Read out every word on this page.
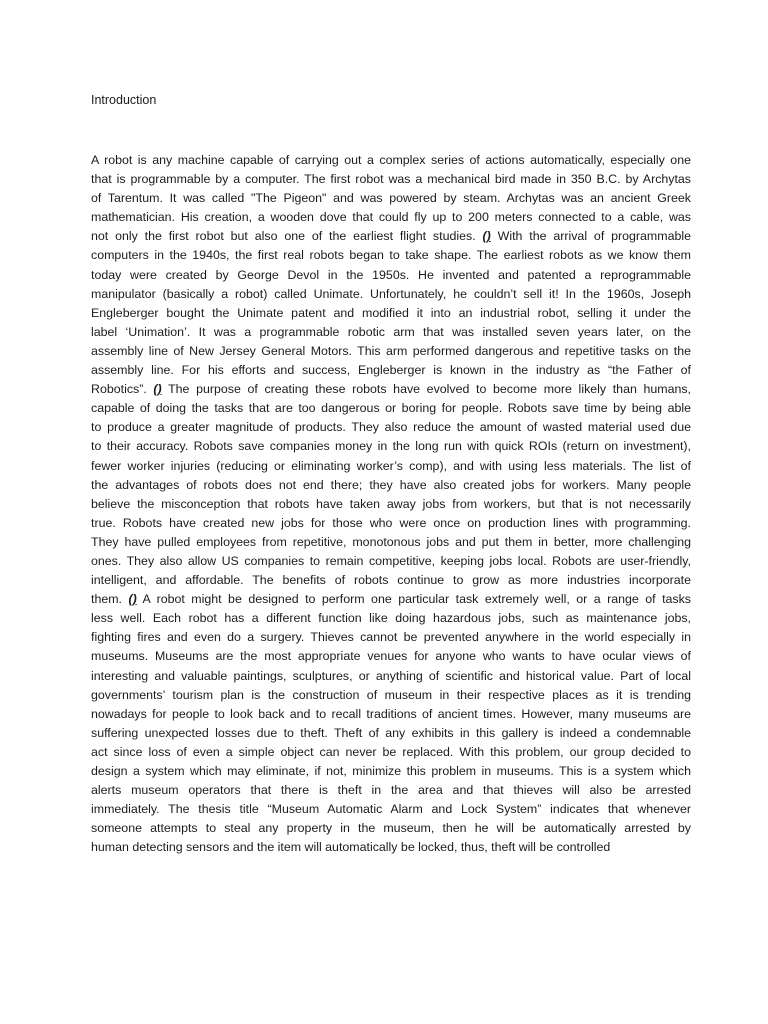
Introduction
A robot is any machine capable of carrying out a complex series of actions automatically, especially one
that is programmable by a computer. The first robot was a mechanical bird made in 350 B.C. by Archytas
of Tarentum. It was called "The Pigeon" and was powered by steam. Archytas was an ancient Greek
mathematician. His creation, a wooden dove that could fly up to 200 meters connected to a cable, was
not only the first robot but also one of the earliest flight studies. () With the arrival of programmable
computers in the 1940s, the first real robots began to take shape. The earliest robots as we know them
today were created by George Devol in the 1950s. He invented and patented a reprogrammable
manipulator (basically a robot) called Unimate. Unfortunately, he couldn’t sell it! In the 1960s, Joseph
Engleberger bought the Unimate patent and modified it into an industrial robot, selling it under the
label ‘Unimation’. It was a programmable robotic arm that was installed seven years later, on the
assembly line of New Jersey General Motors. This arm performed dangerous and repetitive tasks on the
assembly line. For his efforts and success, Engleberger is known in the industry as “the Father of
Robotics”. () The purpose of creating these robots have evolved to become more likely than humans,
capable of doing the tasks that are too dangerous or boring for people. Robots save time by being able
to produce a greater magnitude of products. They also reduce the amount of wasted material used due
to their accuracy. Robots save companies money in the long run with quick ROIs (return on investment),
fewer worker injuries (reducing or eliminating worker’s comp), and with using less materials. The list of
the advantages of robots does not end there; they have also created jobs for workers. Many people
believe the misconception that robots have taken away jobs from workers, but that is not necessarily
true. Robots have created new jobs for those who were once on production lines with programming.
They have pulled employees from repetitive, monotonous jobs and put them in better, more challenging
ones. They also allow US companies to remain competitive, keeping jobs local. Robots are user-friendly,
intelligent, and affordable. The benefits of robots continue to grow as more industries incorporate
them. () A robot might be designed to perform one particular task extremely well, or a range of tasks
less well. Each robot has a different function like doing hazardous jobs, such as maintenance jobs,
fighting fires and even do a surgery. Thieves cannot be prevented anywhere in the world especially in
museums. Museums are the most appropriate venues for anyone who wants to have ocular views of
interesting and valuable paintings, sculptures, or anything of scientific and historical value. Part of local
governments’ tourism plan is the construction of museum in their respective places as it is trending
nowadays for people to look back and to recall traditions of ancient times. However, many museums are
suffering unexpected losses due to theft. Theft of any exhibits in this gallery is indeed a condemnable
act since loss of even a simple object can never be replaced. With this problem, our group decided to
design a system which may eliminate, if not, minimize this problem in museums. This is a system which
alerts museum operators that there is theft in the area and that thieves will also be arrested
immediately. The thesis title “Museum Automatic Alarm and Lock System” indicates that whenever
someone attempts to steal any property in the museum, then he will be automatically arrested by
human detecting sensors and the item will automatically be locked, thus, theft will be controlled
